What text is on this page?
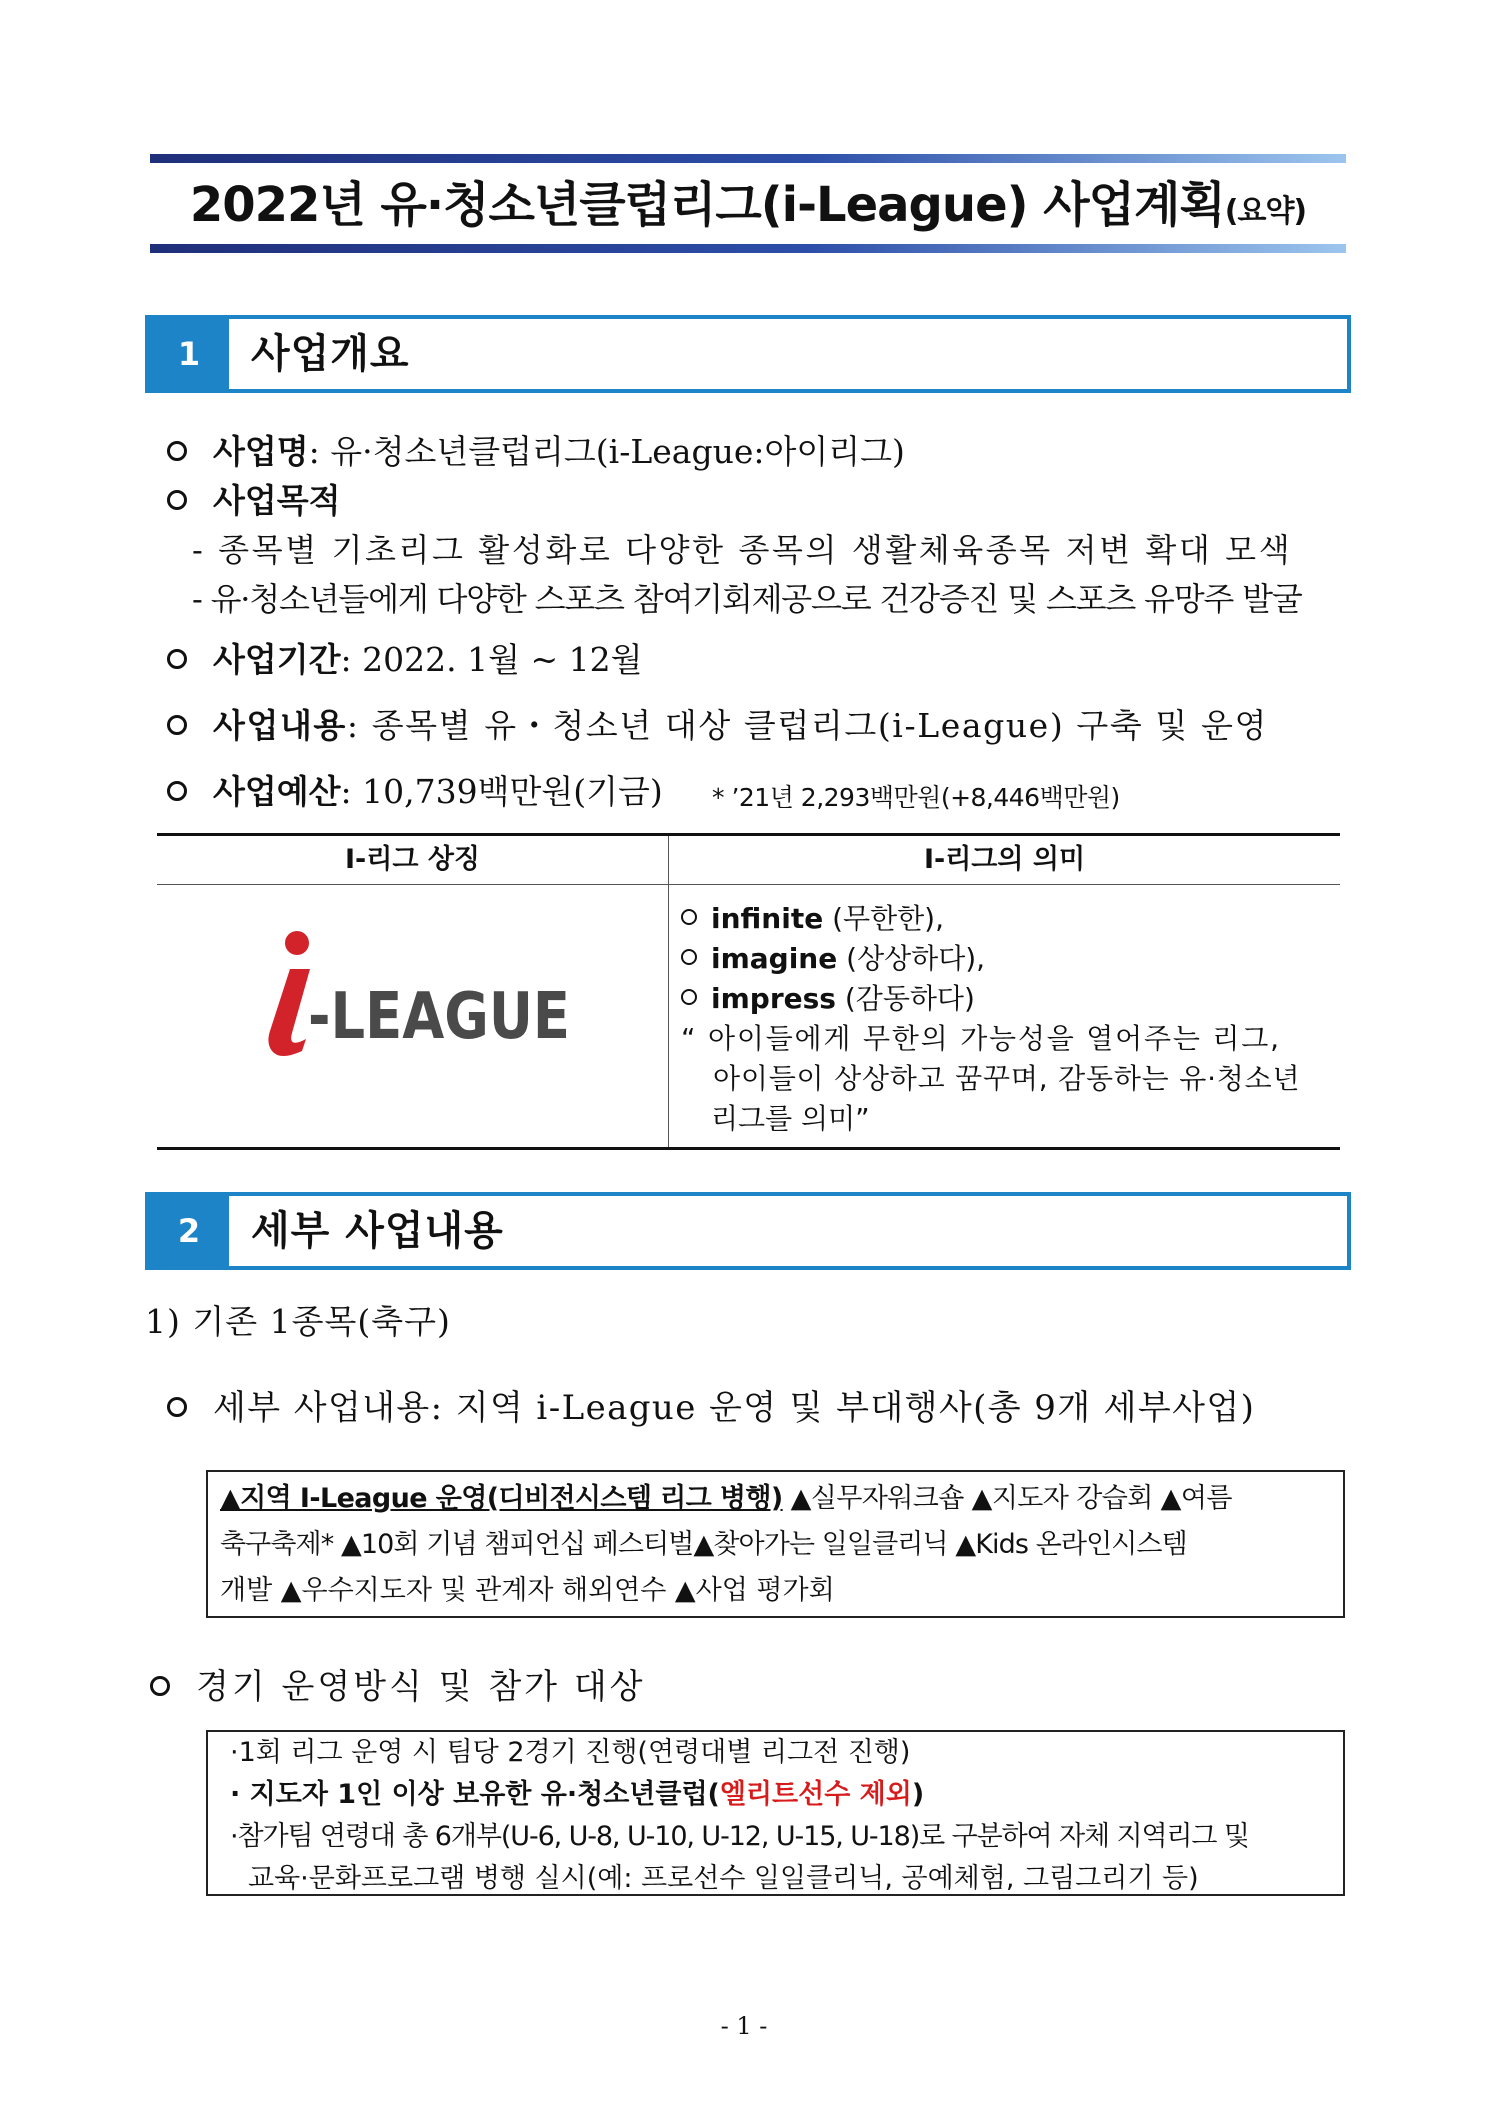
2022년 유·청소년클럽리그(i-League) 사업계획(요약)
1	사업개요
사업명: 유·청소년클럽리그(i-League:아이리그)
사업목적
- 종목별 기초리그 활성화로 다양한 종목의 생활체육종목 저변 확대 모색
- 유·청소년들에게 다양한 스포츠 참여기회제공으로 건강증진 및 스포츠 유망주 발굴
사업기간: 2022. 1월 ~ 12월
사업내용: 종목별 유・청소년 대상 클럽리그(i-League) 구축 및 운영
사업예산: 10,739백만원(기금) * ’21년 2,293백만원(+8,446백만원)
I-리그 상징	I-리그의 의미
-LEAGUE
infinite (무한한),
imagine (상상하다),
impress (감동하다)
“ 아이들에게 무한의 가능성을 열어주는 리그,
아이들이 상상하고 꿈꾸며, 감동하는 유·청소년
리그를 의미”
2	세부 사업내용
1) 기존 1종목(축구)
세부 사업내용: 지역 i-League 운영 및 부대행사(총 9개 세부사업)
▲지역 I-League 운영(디비전시스템 리그 병행) ▲실무자워크숍 ▲지도자 강습회 ▲여름
축구축제* ▲10회 기념 챔피언십 페스티벌▲찾아가는 일일클리닉 ▲Kids 온라인시스템
개발 ▲우수지도자 및 관계자 해외연수 ▲사업 평가회
경기 운영방식 및 참가 대상
·1회 리그 운영 시 팀당 2경기 진행(연령대별 리그전 진행)
· 지도자 1인 이상 보유한 유·청소년클럽(엘리트선수 제외)
·참가팀 연령대 총 6개부(U-6, U-8, U-10, U-12, U-15, U-18)로 구분하여 자체 지역리그 및
교육·문화프로그램 병행 실시(예: 프로선수 일일클리닉, 공예체험, 그림그리기 등)
- 1 -
